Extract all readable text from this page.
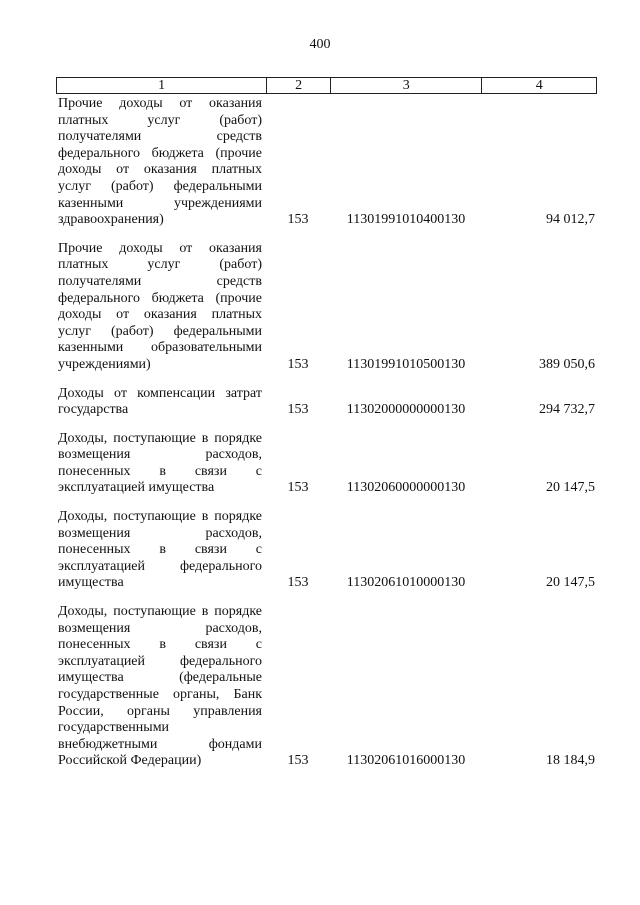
400
1	2	3	4
Прочие доходы от оказания платных услуг (работ) получателями средств федерального бюджета (прочие доходы от оказания платных услуг (работ) федеральными казенными учреждениями здравоохранения)	153	11301991010400130	94 012,7
Прочие доходы от оказания платных услуг (работ) получателями средств федерального бюджета (прочие доходы от оказания платных услуг (работ) федеральными казенными образовательными учреждениями)	153	11301991010500130	389 050,6
Доходы от компенсации затрат государства	153	11302000000000130	294 732,7
Доходы, поступающие в порядке возмещения расходов, понесенных в связи с эксплуатацией имущества	153	11302060000000130	20 147,5
Доходы, поступающие в порядке возмещения расходов, понесенных в связи с эксплуатацией федерального имущества	153	11302061010000130	20 147,5
Доходы, поступающие в порядке возмещения расходов, понесенных в связи с эксплуатацией федерального имущества (федеральные государственные органы, Банк России, органы управления государственными внебюджетными фондами Российской Федерации)	153	11302061016000130	18 184,9
